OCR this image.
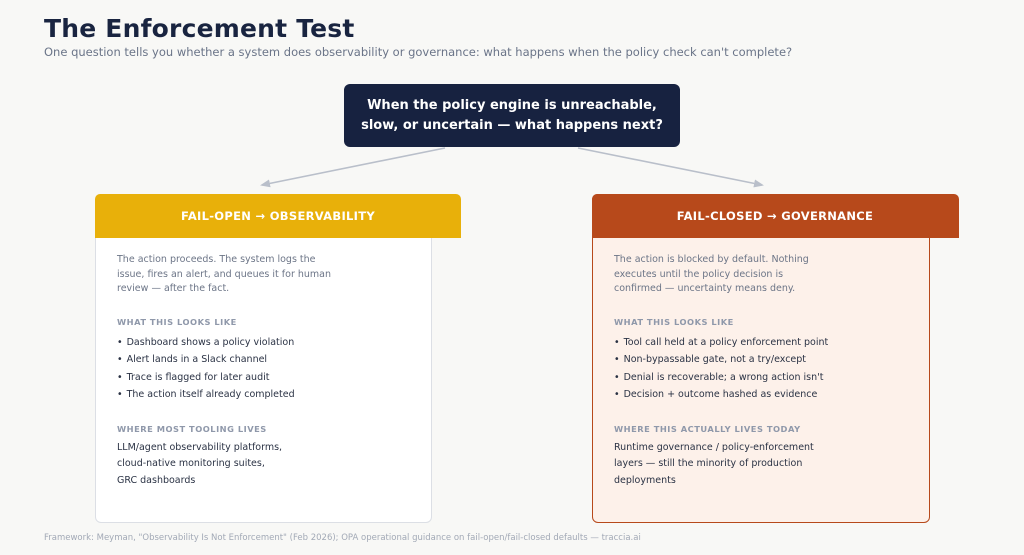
The Enforcement Test
One question tells you whether a system does observability or governance: what happens when the policy check can't complete?
When the policy engine is unreachable,
slow, or uncertain — what happens next?
FAIL-OPEN → OBSERVABILITY
The action proceeds. The system logs the issue, fires an alert, and queues it for human review — after the fact.
WHAT THIS LOOKS LIKE
• Dashboard shows a policy violation
• Alert lands in a Slack channel
• Trace is flagged for later audit
• The action itself already completed
WHERE MOST TOOLING LIVES
LLM/agent observability platforms,
cloud-native monitoring suites,
GRC dashboards
FAIL-CLOSED → GOVERNANCE
The action is blocked by default. Nothing executes until the policy decision is confirmed — uncertainty means deny.
WHAT THIS LOOKS LIKE
• Tool call held at a policy enforcement point
• Non-bypassable gate, not a try/except
• Denial is recoverable; a wrong action isn't
• Decision + outcome hashed as evidence
WHERE THIS ACTUALLY LIVES TODAY
Runtime governance / policy-enforcement
layers — still the minority of production
deployments
Framework: Meyman, "Observability Is Not Enforcement" (Feb 2026); OPA operational guidance on fail-open/fail-closed defaults — traccia.ai
